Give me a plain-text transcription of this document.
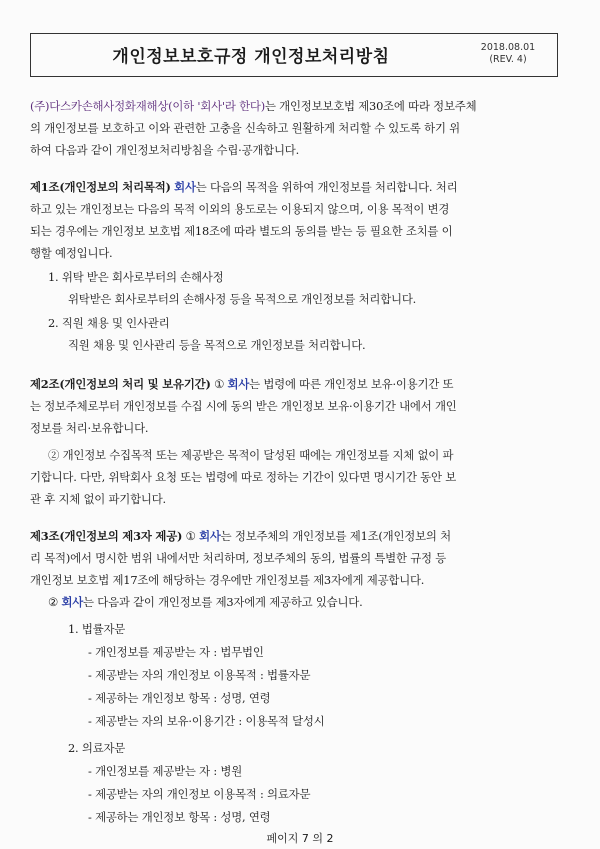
개인정보보호규정 개인정보처리방침	2018.08.01
(REV. 4)
(주)다스카손해사정화재해상(이하 '회사'라 한다)는 개인정보보호법 제30조에 따라 정보주체
의 개인정보를 보호하고 이와 관련한 고충을 신속하고 원활하게 처리할 수 있도록 하기 위
하여 다음과 같이 개인정보처리방침을 수립·공개합니다.
제1조(개인정보의 처리목적) 회사는 다음의 목적을 위하여 개인정보를 처리합니다. 처리
하고 있는 개인정보는 다음의 목적 이외의 용도로는 이용되지 않으며, 이용 목적이 변경
되는 경우에는 개인정보 보호법 제18조에 따라 별도의 동의를 받는 등 필요한 조치를 이
행할 예정입니다.
1. 위탁 받은 회사로부터의 손해사정
위탁받은 회사로부터의 손해사정 등을 목적으로 개인정보를 처리합니다.
2. 직원 채용 및 인사관리
직원 채용 및 인사관리 등을 목적으로 개인정보를 처리합니다.
제2조(개인정보의 처리 및 보유기간) ① 회사는 법령에 따른 개인정보 보유·이용기간 또
는 정보주체로부터 개인정보를 수집 시에 동의 받은 개인정보 보유·이용기간 내에서 개인
정보를 처리·보유합니다.
② 개인정보 수집목적 또는 제공받은 목적이 달성된 때에는 개인정보를 지체 없이 파
기합니다. 다만, 위탁회사 요청 또는 법령에 따로 정하는 기간이 있다면 명시기간 동안 보
관 후 지체 없이 파기합니다.
제3조(개인정보의 제3자 제공) ① 회사는 정보주체의 개인정보를 제1조(개인정보의 처
리 목적)에서 명시한 범위 내에서만 처리하며, 정보주체의 동의, 법률의 특별한 규정 등
개인정보 보호법 제17조에 해당하는 경우에만 개인정보를 제3자에게 제공합니다.
② 회사는 다음과 같이 개인정보를 제3자에게 제공하고 있습니다.
1. 법률자문
- 개인정보를 제공받는 자 : 법무법인
- 제공받는 자의 개인정보 이용목적 : 법률자문
- 제공하는 개인정보 항목 : 성명, 연령
- 제공받는 자의 보유·이용기간 : 이용목적 달성시
2. 의료자문
- 개인정보를 제공받는 자 : 병원
- 제공받는 자의 개인정보 이용목적 : 의료자문
- 제공하는 개인정보 항목 : 성명, 연령
페이지 7 의 2
